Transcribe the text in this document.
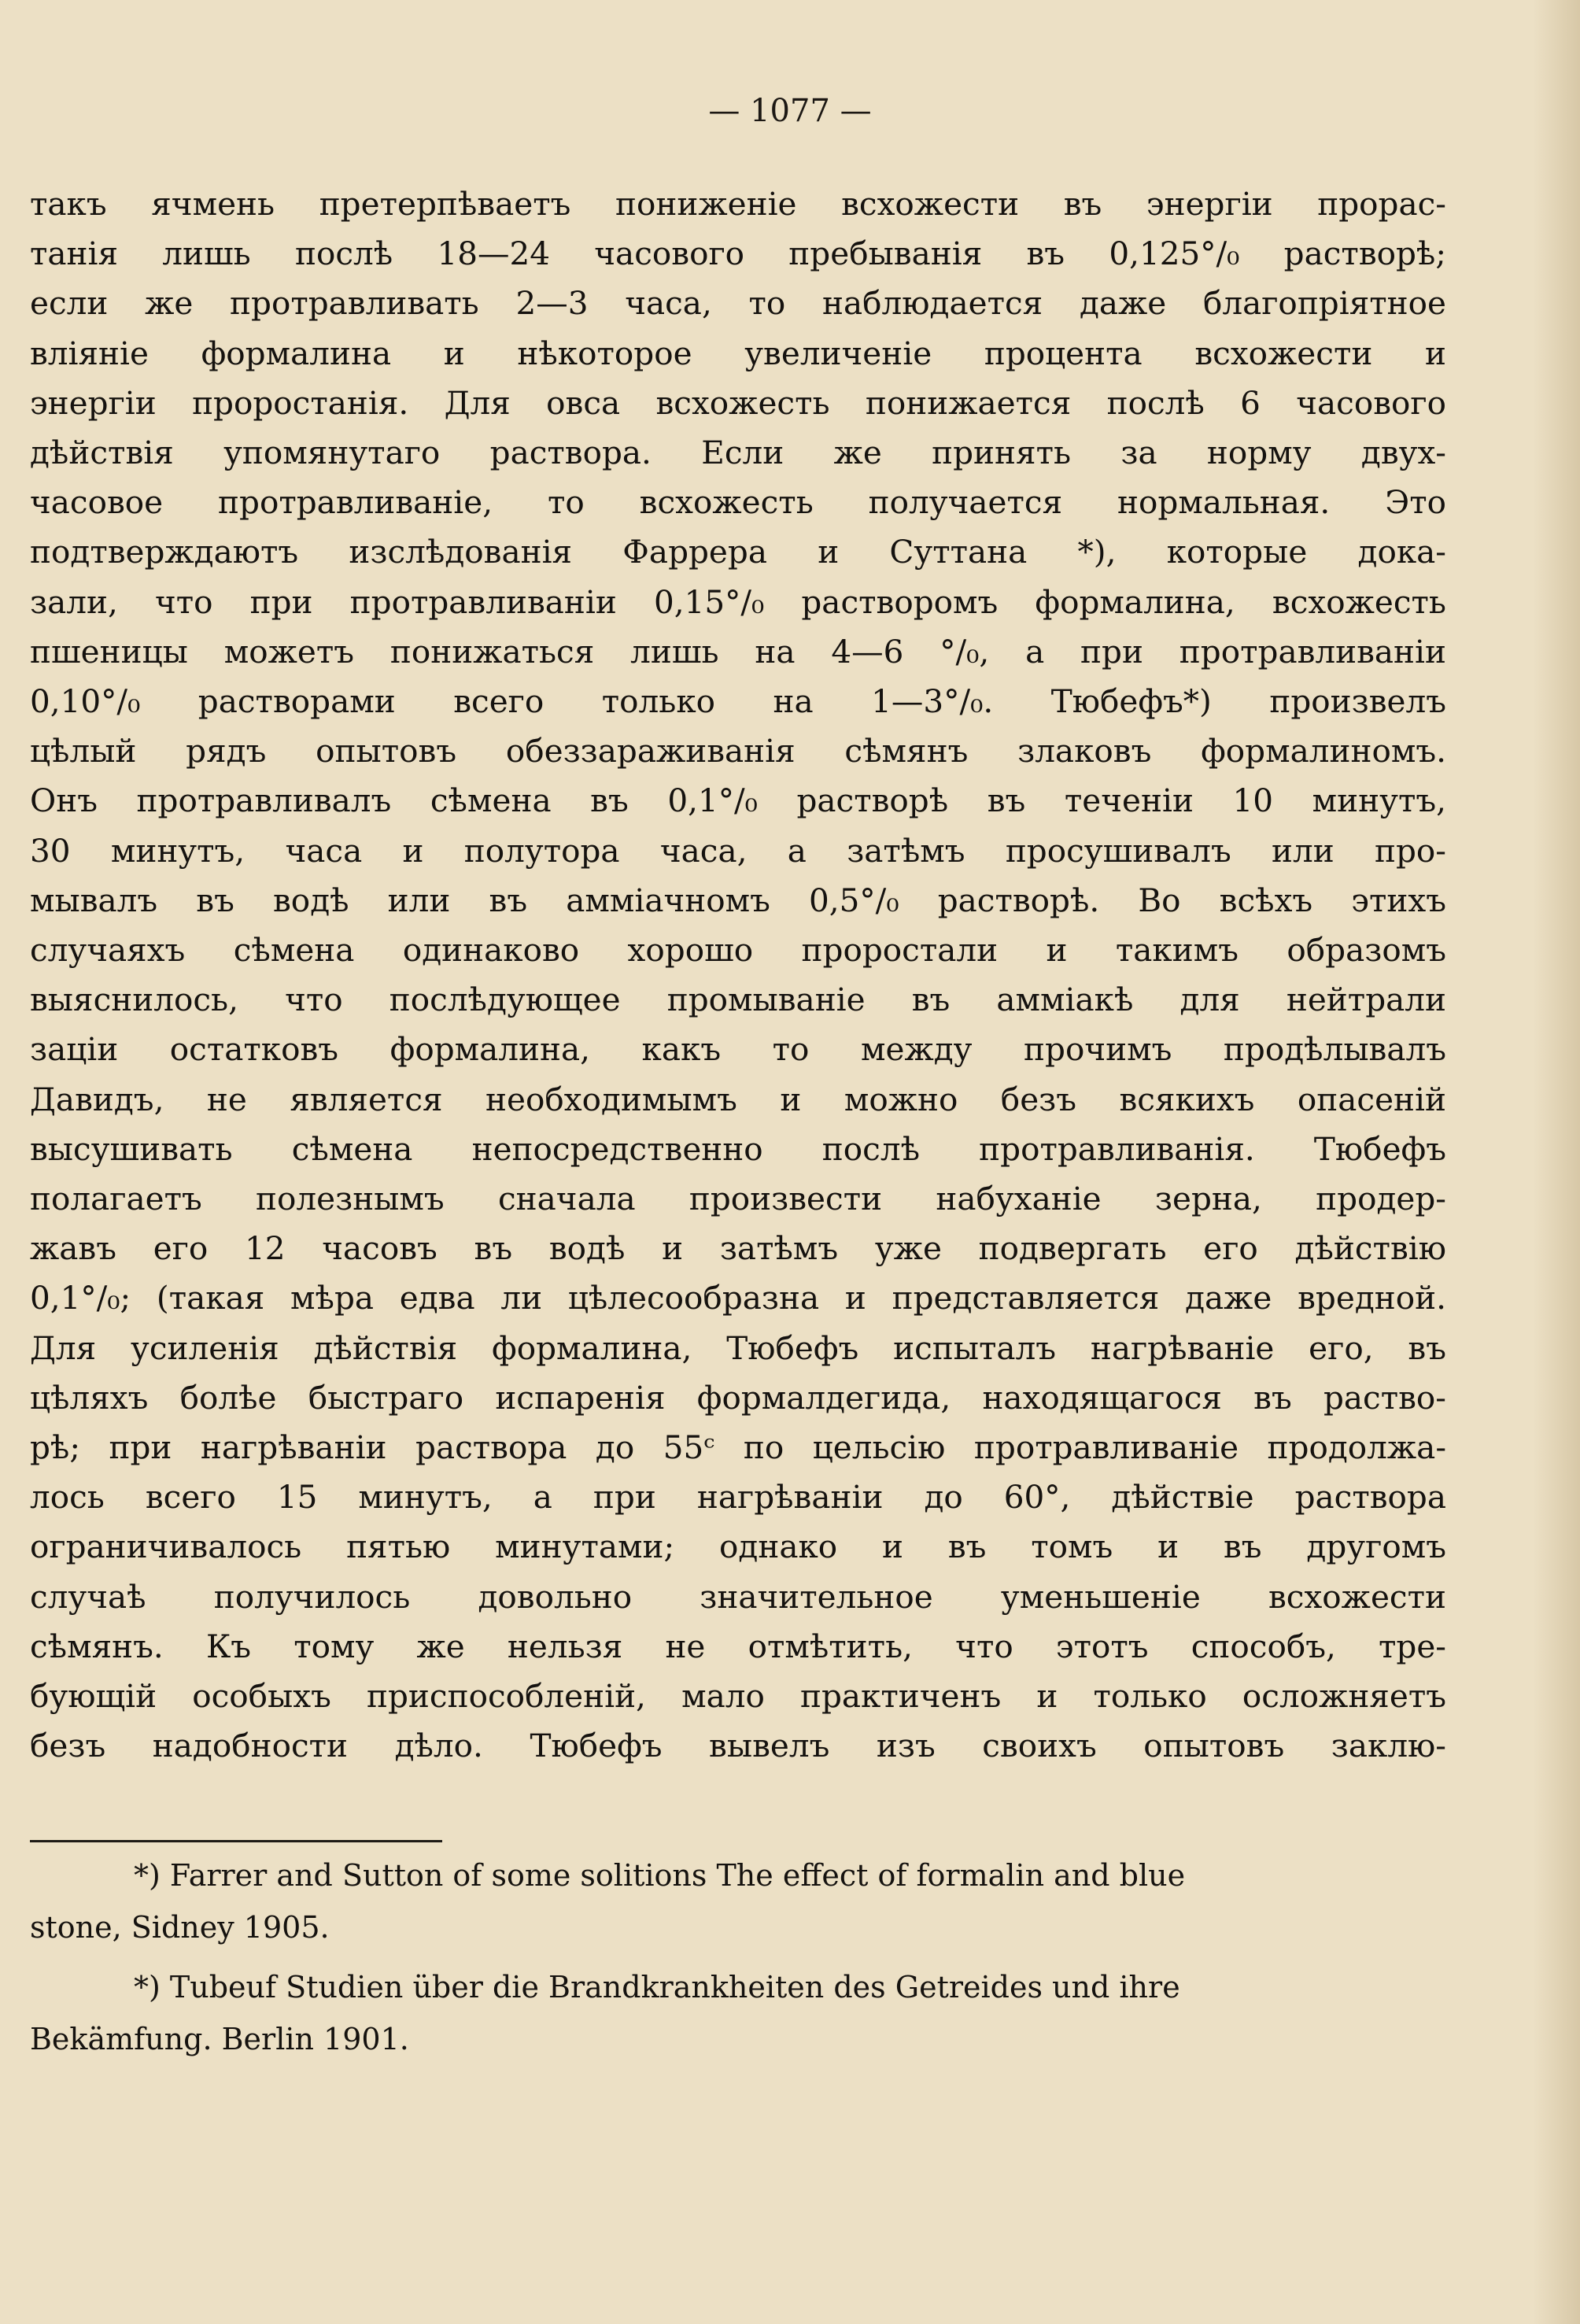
— 1077 —
такъ ячмень претерпѣваетъ пониженіе всхожести въ энергіи прорас-
танія лишь послѣ 18—24 часового пребыванія въ 0,125°/₀ растворѣ;
если же протравливать 2—3 часа, то наблюдается даже благопріятное
вліяніе формалина и нѣкоторое увеличеніе процента всхожести и
энергіи проростанія. Для овса всхожесть понижается послѣ 6 часового
дѣйствія упомянутаго раствора. Если же принять за норму двух-
часовое протравливаніе, то всхожесть получается нормальная. Это
подтверждаютъ изслѣдованія Фаррера и Суттана *), которые дока-
зали, что при протравливаніи 0,15°/₀ растворомъ формалина, всхожесть
пшеницы можетъ понижаться лишь на 4—6 °/₀, а при протравливаніи
0,10°/₀ растворами всего только на 1—3°/₀. Тюбефъ*) произвелъ
цѣлый рядъ опытовъ обеззараживанія сѣмянъ злаковъ формалиномъ.
Онъ протравливалъ сѣмена въ 0,1°/₀ растворѣ въ теченіи 10 минутъ,
30 минутъ, часа и полутора часа, а затѣмъ просушивалъ или про-
мывалъ въ водѣ или въ аммiачномъ 0,5°/₀ растворѣ. Во всѣхъ этихъ
случаяхъ сѣмена одинаково хорошо проростали и такимъ образомъ
выяснилось, что послѣдующее промываніе въ аммiакѣ для нейтрали
заціи остатковъ формалина, какъ то между прочимъ продѣлывалъ
Давидъ, не является необходимымъ и можно безъ всякихъ опасеній
высушивать сѣмена непосредственно послѣ протравливанія. Тюбефъ
полагаетъ полезнымъ сначала произвести набуханіе зерна, продер-
жавъ его 12 часовъ въ водѣ и затѣмъ уже подвергать его дѣйствію
0,1°/₀; (такая мѣра едва ли цѣлесообразна и представляется даже вредной.
Для усиленія дѣйствія формалина, Тюбефъ испыталъ нагрѣваніе его, въ
цѣляхъ болѣе быстраго испаренія формалдегида, находящагося въ раство-
рѣ; при нагрѣваніи раствора до 55ᶜ по цельсію протравливаніе продолжа-
лось всего 15 минутъ, а при нагрѣваніи до 60°, дѣйствіе раствора
ограничивалось пятью минутами; однако и въ томъ и въ другомъ
случаѣ получилось довольно значительное уменьшеніе всхожести
сѣмянъ. Къ тому же нельзя не отмѣтить, что этотъ способъ, тре-
бующій особыхъ приспособленій, мало практиченъ и только осложняетъ
безъ надобности дѣло. Тюбефъ вывелъ изъ своихъ опытовъ заклю-
*) Farrer and Sutton of some solitions The effect of formalin and blue
stone, Sidney 1905.
*) Tubeuf Studien über die Brandkrankheiten des Getreides und ihre
Bekämfung. Berlin 1901.
